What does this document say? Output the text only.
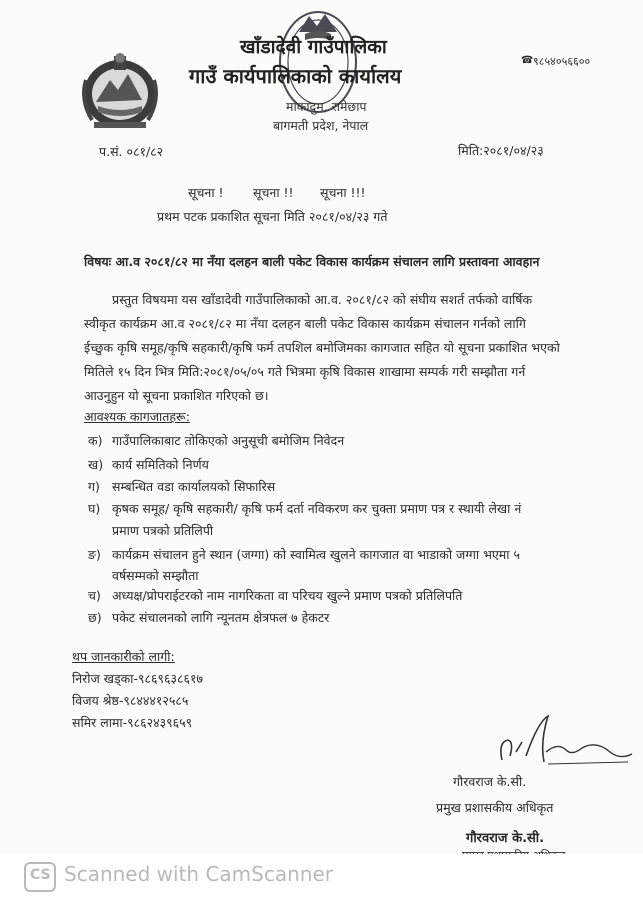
खाँडादेवी गाउँपालिका
गाउँ कार्यपालिकाको कार्यालय
माकादुम, रामेछाप
बागमती प्रदेश, नेपाल
☎ ९८५४०५६६००
प.सं. ०८१/८२	मिति:२०८१/०४/२३
सूचना ! सूचना !! सूचना !!!
प्रथम पटक प्रकाशित सूचना मिति २०८१/०४/२३ गते
विषयः आ.व २०८१/८२ मा नँया दलहन बाली पकेट विकास कार्यक्रम संचालन लागि प्रस्तावना आवहान
प्रस्तुत विषयमा यस खाँडादेवी गाउँपालिकाको आ.व. २०८१/८२ को संघीय सशर्त तर्फको वार्षिक
स्वीकृत कार्यक्रम आ.व २०८१/८२ मा नँया दलहन बाली पकेट विकास कार्यक्रम संचालन गर्नको लागि
ईच्छुक कृषि समूह/कृषि सहकारी/कृषि फर्म तपशिल बमोजिमका कागजात सहित यो सूचना प्रकाशित भएको
मितिले १५ दिन भित्र मिति:२०८१/०५/०५ गते भित्रमा कृषि विकास शाखामा सम्पर्क गरी सम्झौता गर्न
आउनुहुन यो सूचना प्रकाशित गरिएको छ।
आवश्यक कागजातहरू:
क) गाउँपालिकाबाट तोकिएको अनुसूची बमोजिम निवेदन
ख) कार्य समितिको निर्णय
ग) सम्बन्धित वडा कार्यालयको सिफारिस
घ) कृषक समूह/ कृषि सहकारी/ कृषि फर्म दर्ता नविकरण कर चुक्ता प्रमाण पत्र र स्थायी लेखा नं
प्रमाण पत्रको प्रतिलिपी
ङ) कार्यक्रम संचालन हुने स्थान (जग्गा) को स्वामित्व खुलने कागजात वा भाडाको जग्गा भएमा ५
वर्षसम्मको सम्झौता
च) अध्यक्ष/प्रोपराईटरको नाम नागरिकता वा परिचय खुल्ने प्रमाण पत्रको प्रतिलिपति
छ) पकेट संचालनको लागि न्यूनतम क्षेत्रफल ७ हेकटर
थप जानकारीको लागी:
निरोज खड्का-९८६९६३८६१७
विजय श्रेष्ठ-९८४४४१२५८५
समिर लामा-९८६२४३९६५९
गौरवराज के.सी.
प्रमुख प्रशासकीय अधिकृत
गौरवराज के.सी.
CS Scanned with CamScanner
